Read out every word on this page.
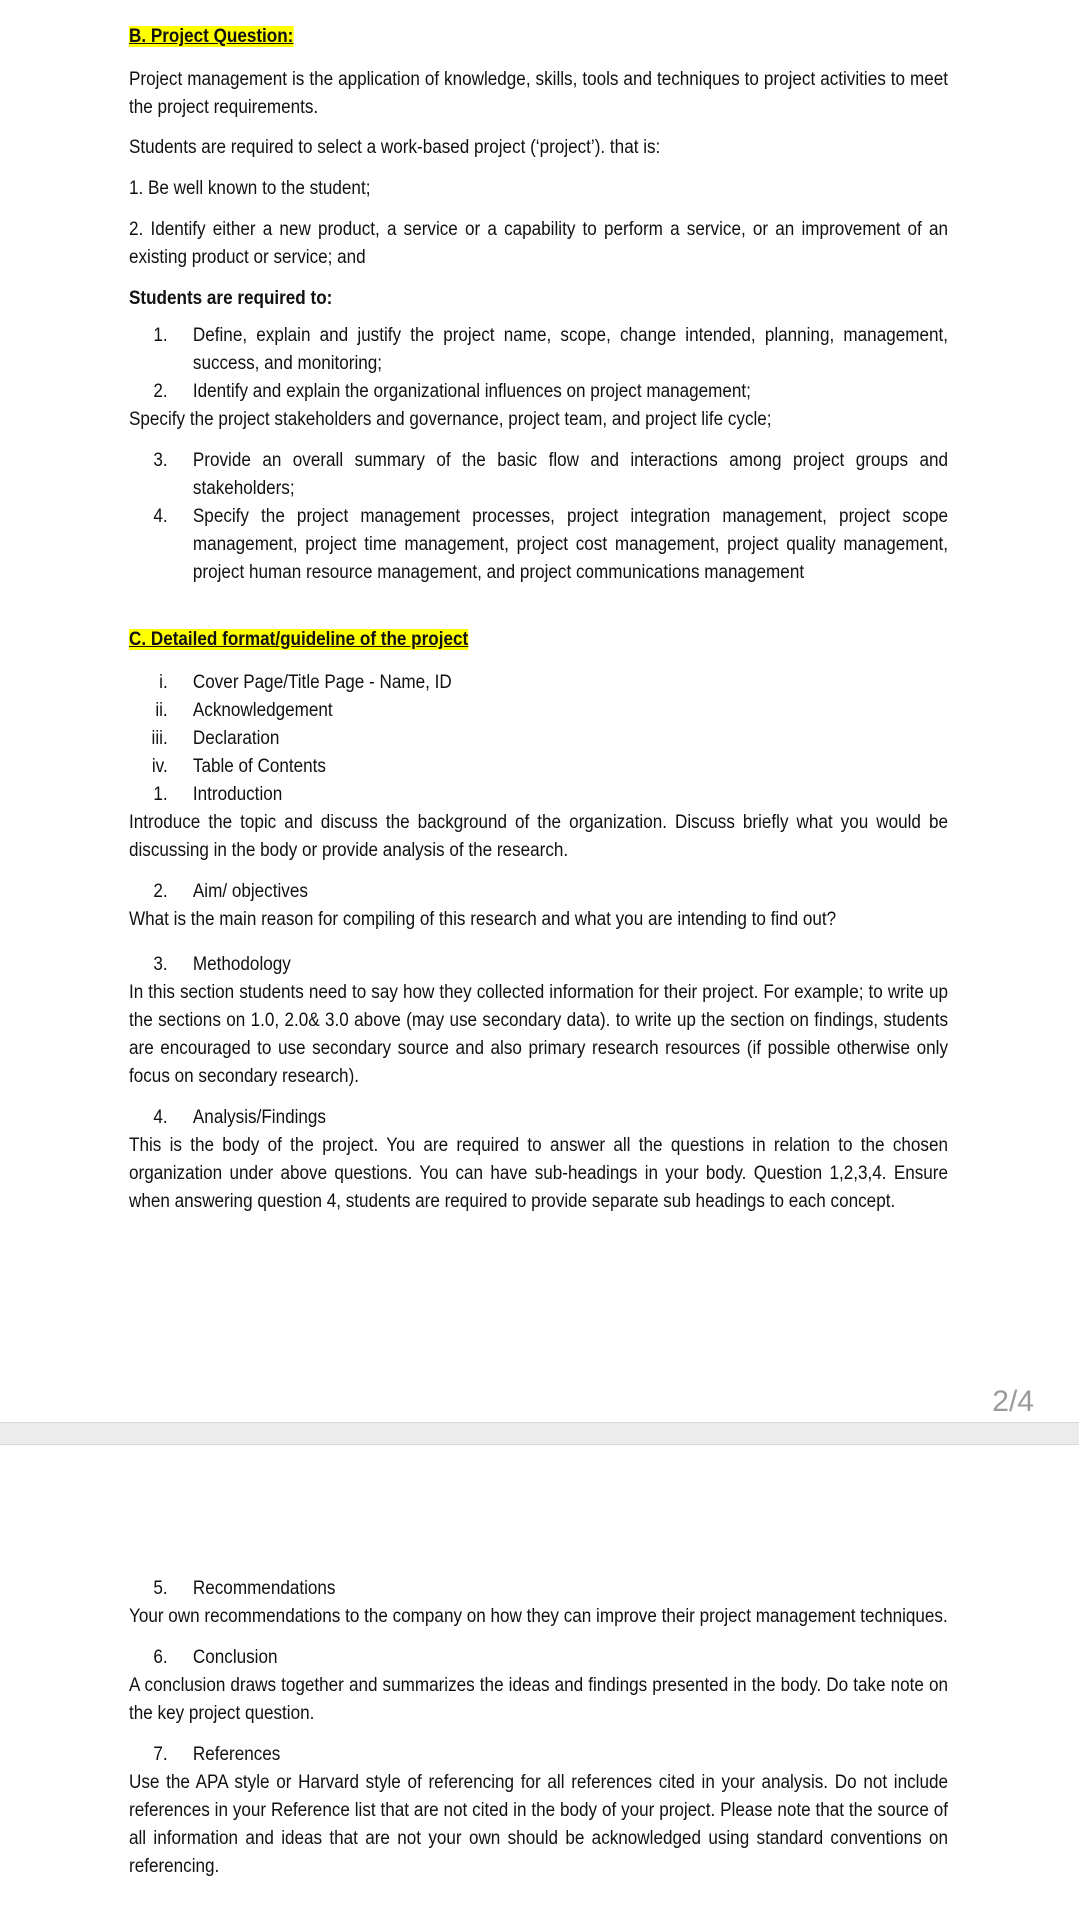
B. Project Question:

Project management is the application of knowledge, skills, tools and techniques to project activities to meet the project requirements.

Students are required to select a work-based project (‘project’). that is:

1. Be well known to the student;

2. Identify either a new product, a service or a capability to perform a service, or an improvement of an existing product or service; and

Students are required to:

1. Define, explain and justify the project name, scope, change intended, planning, management, success, and monitoring;
2. Identify and explain the organizational influences on project management;

Specify the project stakeholders and governance, project team, and project life cycle;

3. Provide an overall summary of the basic flow and interactions among project groups and stakeholders;
4. Specify the project management processes, project integration management, project scope management, project time management, project cost management, project quality management, project human resource management, and project communications management
C. Detailed format/guideline of the project
i. Cover Page/Title Page - Name, ID
ii. Acknowledgement
iii. Declaration
iv. Table of Contents
1. Introduction

Introduce the topic and discuss the background of the organization. Discuss briefly what you would be discussing in the body or provide analysis of the research.

2. Aim/ objectives

What is the main reason for compiling of this research and what you are intending to find out?

3. Methodology

In this section students need to say how they collected information for their project. For example; to write up the sections on 1.0, 2.0& 3.0 above (may use secondary data). to write up the section on findings, students are encouraged to use secondary source and also primary research resources (if possible otherwise only focus on secondary research).

4. Analysis/Findings

This is the body of the project. You are required to answer all the questions in relation to the chosen organization under above questions. You can have sub-headings in your body. Question 1,2,3,4. Ensure when answering question 4, students are required to provide separate sub headings to each concept.

2/4
5. Recommendations

Your own recommendations to the company on how they can improve their project management techniques.

6. Conclusion

A conclusion draws together and summarizes the ideas and findings presented in the body. Do take note on the key project question.

7. References

Use the APA style or Harvard style of referencing for all references cited in your analysis. Do not include references in your Reference list that are not cited in the body of your project. Please note that the source of all information and ideas that are not your own should be acknowledged using standard conventions on referencing.
